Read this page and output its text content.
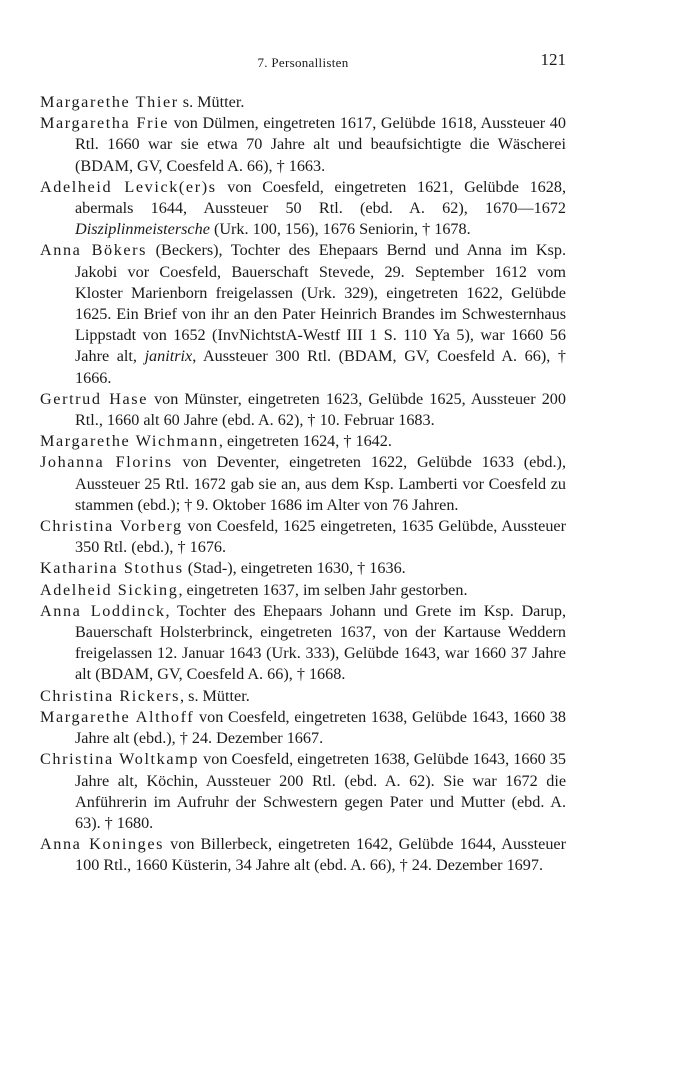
7. Personallisten	121

Margarethe Thier s. Mütter.

Margaretha Frie von Dülmen, eingetreten 1617, Gelübde 1618, Aussteuer 40 Rtl. 1660 war sie etwa 70 Jahre alt und beaufsichtigte die Wäscherei (BDAM, GV, Coesfeld A. 66), † 1663.

Adelheid Levick(er)s von Coesfeld, eingetreten 1621, Gelübde 1628, abermals 1644, Aussteuer 50 Rtl. (ebd. A. 62), 1670—1672 Disziplinmeistersche (Urk. 100, 156), 1676 Seniorin, † 1678.

Anna Bökers (Beckers), Tochter des Ehepaars Bernd und Anna im Ksp. Jakobi vor Coesfeld, Bauerschaft Stevede, 29. September 1612 vom Kloster Marienborn freigelassen (Urk. 329), eingetreten 1622, Gelübde 1625. Ein Brief von ihr an den Pater Heinrich Brandes im Schwesternhaus Lippstadt von 1652 (InvNichtstA-Westf III 1 S. 110 Ya 5), war 1660 56 Jahre alt, janitrix, Aussteuer 300 Rtl. (BDAM, GV, Coesfeld A. 66), † 1666.

Gertrud Hase von Münster, eingetreten 1623, Gelübde 1625, Aussteuer 200 Rtl., 1660 alt 60 Jahre (ebd. A. 62), † 10. Februar 1683.

Margarethe Wichmann, eingetreten 1624, † 1642.

Johanna Florins von Deventer, eingetreten 1622, Gelübde 1633 (ebd.), Aussteuer 25 Rtl. 1672 gab sie an, aus dem Ksp. Lamberti vor Coesfeld zu stammen (ebd.); † 9. Oktober 1686 im Alter von 76 Jahren.

Christina Vorberg von Coesfeld, 1625 eingetreten, 1635 Gelübde, Aussteuer 350 Rtl. (ebd.), † 1676.

Katharina Stothus (Stad-), eingetreten 1630, † 1636.

Adelheid Sicking, eingetreten 1637, im selben Jahr gestorben.

Anna Loddinck, Tochter des Ehepaars Johann und Grete im Ksp. Darup, Bauerschaft Holsterbrinck, eingetreten 1637, von der Kartause Weddern freigelassen 12. Januar 1643 (Urk. 333), Gelübde 1643, war 1660 37 Jahre alt (BDAM, GV, Coesfeld A. 66), † 1668.

Christina Rickers, s. Mütter.

Margarethe Althoff von Coesfeld, eingetreten 1638, Gelübde 1643, 1660 38 Jahre alt (ebd.), † 24. Dezember 1667.

Christina Woltkamp von Coesfeld, eingetreten 1638, Gelübde 1643, 1660 35 Jahre alt, Köchin, Aussteuer 200 Rtl. (ebd. A. 62). Sie war 1672 die Anführerin im Aufruhr der Schwestern gegen Pater und Mutter (ebd. A. 63). † 1680.

Anna Koninges von Billerbeck, eingetreten 1642, Gelübde 1644, Aussteuer 100 Rtl., 1660 Küsterin, 34 Jahre alt (ebd. A. 66), † 24. Dezember 1697.
